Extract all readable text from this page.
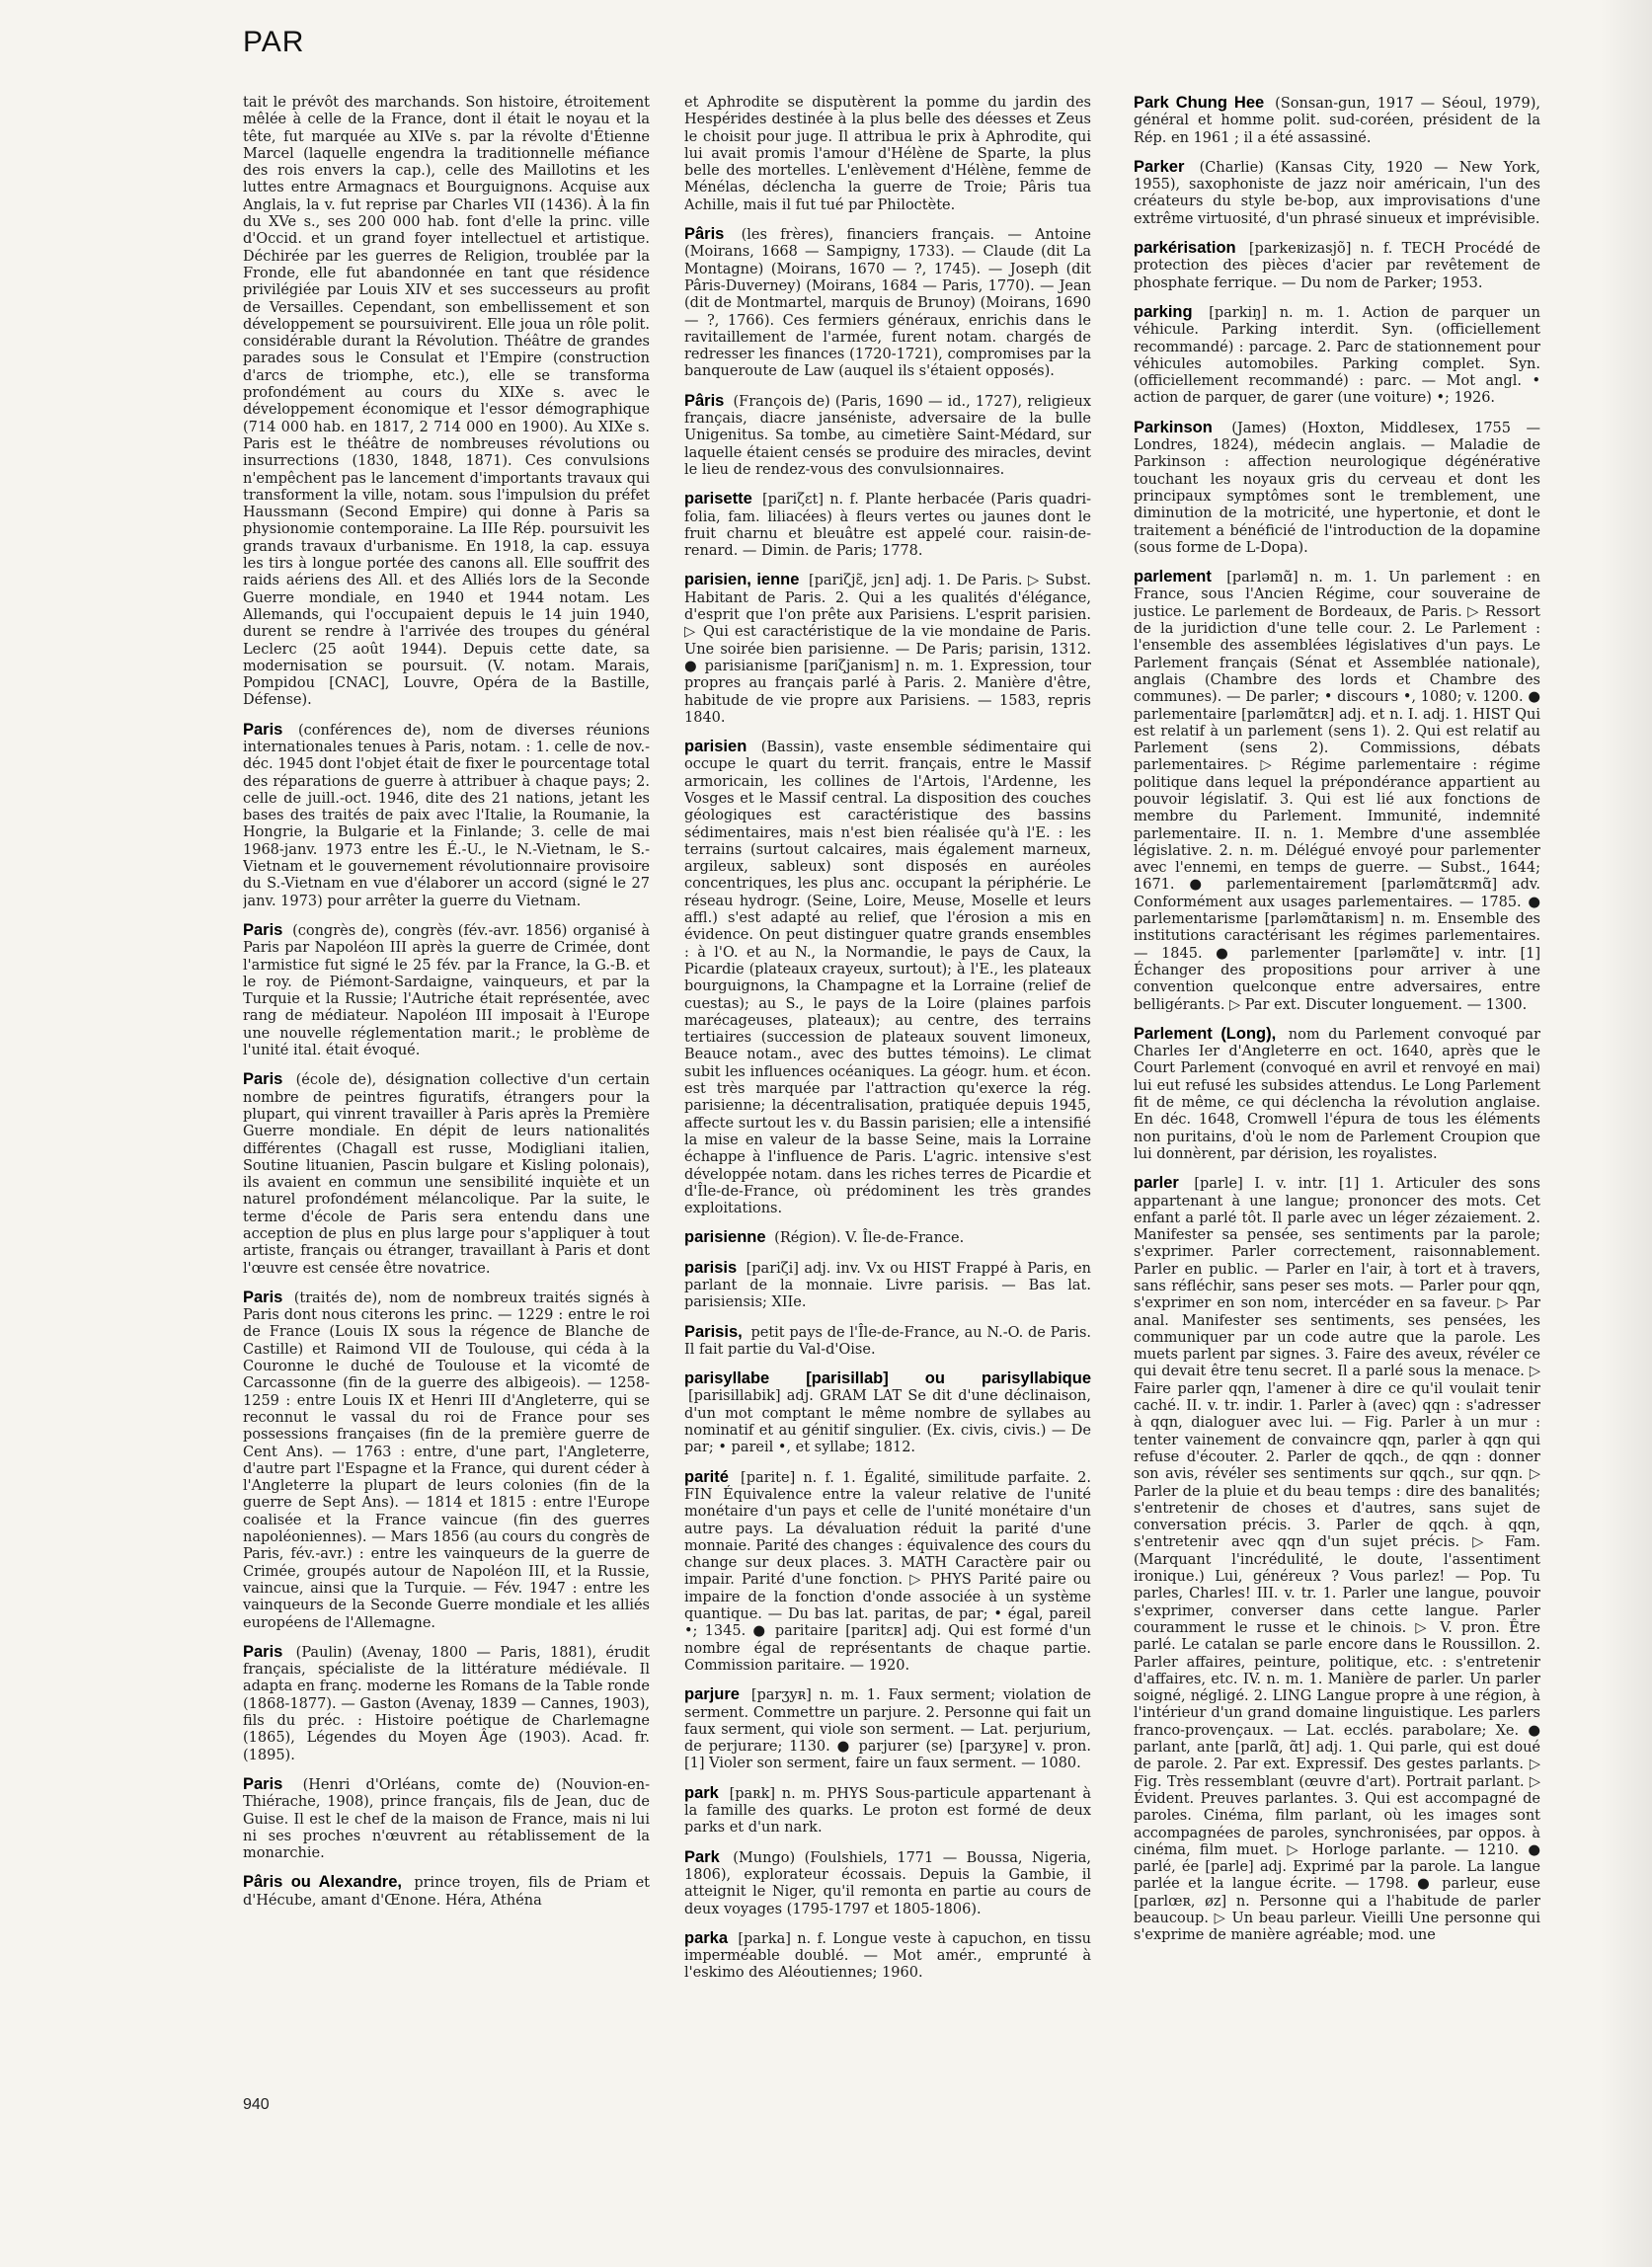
PAR

tait le prévôt des marchands. Son histoire, étroitement mêlée à celle de la France, dont il était le noyau et la tête, fut marquée au XIVe s. par la révolte d'Étienne Marcel (laquelle engendra la traditionnelle méfiance des rois envers la cap.), celle des Maillotins et les luttes entre Armagnacs et Bourguignons. Acquise aux Anglais, la v. fut reprise par Charles VII (1436). À la fin du XVe s., ses 200 000 hab. font d'elle la princ. ville d'Occid. et un grand foyer intellectuel et artistique. Déchirée par les guerres de Religion, troublée par la Fronde, elle fut abandonnée en tant que résidence privilégiée par Louis XIV et ses successeurs au profit de Versailles. Cependant, son embellissement et son développement se poursuivirent. Elle joua un rôle polit. considérable durant la Révolution. Théâtre de grandes parades sous le Consulat et l'Empire (construction d'arcs de triomphe, etc.), elle se transforma profondément au cours du XIXe s. avec le développement économique et l'essor démographique (714 000 hab. en 1817, 2 714 000 en 1900). Au XIXe s. Paris est le théâtre de nombreuses révolutions ou insurrections (1830, 1848, 1871). Ces convulsions n'empêchent pas le lancement d'importants travaux qui transforment la ville, notam. sous l'impulsion du préfet Haussmann (Second Empire) qui donne à Paris sa physionomie contemporaine. La IIIe Rép. poursuivit les grands travaux d'urbanisme. En 1918, la cap. essuya les tirs à longue portée des canons all. Elle souffrit des raids aériens des All. et des Alliés lors de la Seconde Guerre mondiale, en 1940 et 1944 notam. Les Allemands, qui l'occupaient depuis le 14 juin 1940, durent se rendre à l'arrivée des troupes du général Leclerc (25 août 1944). Depuis cette date, sa modernisation se poursuit. (V. notam. Marais, Pompidou [CNAC], Louvre, Opéra de la Bastille, Défense).

Paris (conférences de), nom de diverses réunions internationales tenues à Paris, notam. : 1. celle de nov.-déc. 1945 dont l'objet était de fixer le pourcentage total des réparations de guerre à attribuer à chaque pays; 2. celle de juill.-oct. 1946, dite des 21 nations, jetant les bases des traités de paix avec l'Italie, la Roumanie, la Hongrie, la Bulgarie et la Finlande; 3. celle de mai 1968-janv. 1973 entre les É.-U., le N.-Vietnam, le S.-Vietnam et le gouvernement révolutionnaire provisoire du S.-Vietnam en vue d'élaborer un accord (signé le 27 janv. 1973) pour arrêter la guerre du Vietnam.

Paris (congrès de), congrès (fév.-avr. 1856) organisé à Paris par Napoléon III après la guerre de Crimée, dont l'armistice fut signé le 25 fév. par la France, la G.-B. et le roy. de Piémont-Sardaigne, vainqueurs, et par la Turquie et la Russie; l'Autriche était représentée, avec rang de médiateur. Napoléon III imposait à l'Europe une nouvelle réglementation marit.; le problème de l'unité ital. était évoqué.

Paris (école de), désignation collective d'un certain nombre de peintres figuratifs, étrangers pour la plupart, qui vinrent travailler à Paris après la Première Guerre mondiale. En dépit de leurs nationalités différentes (Chagall est russe, Modigliani italien, Soutine lituanien, Pascin bulgare et Kisling polonais), ils avaient en commun une sensibilité inquiète et un naturel profondément mélancolique. Par la suite, le terme d'école de Paris sera entendu dans une acception de plus en plus large pour s'appliquer à tout artiste, français ou étranger, travaillant à Paris et dont l'œuvre est censée être novatrice.

Paris (traités de), nom de nombreux traités signés à Paris dont nous citerons les princ. — 1229 : entre le roi de France (Louis IX sous la régence de Blanche de Castille) et Raimond VII de Toulouse, qui céda à la Couronne le duché de Toulouse et la vicomté de Carcassonne (fin de la guerre des albigeois). — 1258-1259 : entre Louis IX et Henri III d'Angleterre, qui se reconnut le vassal du roi de France pour ses possessions françaises (fin de la première guerre de Cent Ans). — 1763 : entre, d'une part, l'Angleterre, d'autre part l'Espagne et la France, qui durent céder à l'Angleterre la plupart de leurs colonies (fin de la guerre de Sept Ans). — 1814 et 1815 : entre l'Europe coalisée et la France vaincue (fin des guerres napoléoniennes). — Mars 1856 (au cours du congrès de Paris, fév.-avr.) : entre les vainqueurs de la guerre de Crimée, groupés autour de Napoléon III, et la Russie, vaincue, ainsi que la Turquie. — Fév. 1947 : entre les vainqueurs de la Seconde Guerre mondiale et les alliés européens de l'Allemagne.

Paris (Paulin) (Avenay, 1800 — Paris, 1881), érudit français, spécialiste de la littérature médiévale. Il adapta en franç. moderne les Romans de la Table ronde (1868-1877). — Gaston (Avenay, 1839 — Cannes, 1903), fils du préc. : Histoire poétique de Charlemagne (1865), Légendes du Moyen Âge (1903). Acad. fr. (1895).

Paris (Henri d'Orléans, comte de) (Nouvion-en-Thiérache, 1908), prince français, fils de Jean, duc de Guise. Il est le chef de la maison de France, mais ni lui ni ses proches n'œuvrent au rétablissement de la monarchie.

Pâris ou Alexandre, prince troyen, fils de Priam et d'Hécube, amant d'Œnone. Héra, Athéna

et Aphrodite se disputèrent la pomme du jardin des Hespérides destinée à la plus belle des déesses et Zeus le choisit pour juge. Il attribua le prix à Aphrodite, qui lui avait promis l'amour d'Hélène de Sparte, la plus belle des mortelles. L'enlèvement d'Hélène, femme de Ménélas, déclencha la guerre de Troie; Pâris tua Achille, mais il fut tué par Philoctète.

Pâris (les frères), financiers français. — Antoine (Moirans, 1668 — Sampigny, 1733). — Claude (dit La Montagne) (Moirans, 1670 — ?, 1745). — Joseph (dit Pâris-Duverney) (Moirans, 1684 — Paris, 1770). — Jean (dit de Montmartel, marquis de Brunoy) (Moirans, 1690 — ?, 1766). Ces fermiers généraux, enrichis dans le ravitaillement de l'armée, furent notam. chargés de redresser les finances (1720-1721), compromises par la banqueroute de Law (auquel ils s'étaient opposés).

Pâris (François de) (Paris, 1690 — id., 1727), religieux français, diacre janséniste, adversaire de la bulle Unigenitus. Sa tombe, au cimetière Saint-Médard, sur laquelle étaient censés se produire des miracles, devint le lieu de rendez-vous des convulsionnaires.

parisette [pariζɛt] n. f. Plante herbacée (Paris quadri-folia, fam. liliacées) à fleurs vertes ou jaunes dont le fruit charnu et bleuâtre est appelé cour. raisin-de-renard. — Dimin. de Paris; 1778.

parisien, ienne [pariζjɛ̃, jɛn] adj. 1. De Paris. ▷ Subst. Habitant de Paris. 2. Qui a les qualités d'élégance, d'esprit que l'on prête aux Parisiens. L'esprit parisien. ▷ Qui est caractéristique de la vie mondaine de Paris. Une soirée bien parisienne. — De Paris; parisin, 1312. ● parisianisme [pariζjanism] n. m. 1. Expression, tour propres au français parlé à Paris. 2. Manière d'être, habitude de vie propre aux Parisiens. — 1583, repris 1840.

parisien (Bassin), vaste ensemble sédimentaire qui occupe le quart du territ. français, entre le Massif armoricain, les collines de l'Artois, l'Ardenne, les Vosges et le Massif central. La disposition des couches géologiques est caractéristique des bassins sédimentaires, mais n'est bien réalisée qu'à l'E. : les terrains (surtout calcaires, mais également marneux, argileux, sableux) sont disposés en auréoles concentriques, les plus anc. occupant la périphérie. Le réseau hydrogr. (Seine, Loire, Meuse, Moselle et leurs affl.) s'est adapté au relief, que l'érosion a mis en évidence. On peut distinguer quatre grands ensembles : à l'O. et au N., la Normandie, le pays de Caux, la Picardie (plateaux crayeux, surtout); à l'E., les plateaux bourguignons, la Champagne et la Lorraine (relief de cuestas); au S., le pays de la Loire (plaines parfois marécageuses, plateaux); au centre, des terrains tertiaires (succession de plateaux souvent limoneux, Beauce notam., avec des buttes témoins). Le climat subit les influences océaniques. La géogr. hum. et écon. est très marquée par l'attraction qu'exerce la rég. parisienne; la décentralisation, pratiquée depuis 1945, affecte surtout les v. du Bassin parisien; elle a intensifié la mise en valeur de la basse Seine, mais la Lorraine échappe à l'influence de Paris. L'agric. intensive s'est développée notam. dans les riches terres de Picardie et d'Île-de-France, où prédominent les très grandes exploitations.

parisienne (Région). V. Île-de-France.

parisis [pariζi] adj. inv. Vx ou HIST Frappé à Paris, en parlant de la monnaie. Livre parisis. — Bas lat. parisiensis; XIIe.

Parisis, petit pays de l'Île-de-France, au N.-O. de Paris. Il fait partie du Val-d'Oise.

parisyllabe [parisillab] ou parisyllabique [parisillabik] adj. GRAM LAT Se dit d'une déclinaison, d'un mot comptant le même nombre de syllabes au nominatif et au génitif singulier. (Ex. civis, civis.) — De par; • pareil •, et syllabe; 1812.

parité [parite] n. f. 1. Égalité, similitude parfaite. 2. FIN Équivalence entre la valeur relative de l'unité monétaire d'un pays et celle de l'unité monétaire d'un autre pays. La dévaluation réduit la parité d'une monnaie. Parité des changes : équivalence des cours du change sur deux places. 3. MATH Caractère pair ou impair. Parité d'une fonction. ▷ PHYS Parité paire ou impaire de la fonction d'onde associée à un système quantique. — Du bas lat. paritas, de par; • égal, pareil •; 1345. ● paritaire [paritɛʀ] adj. Qui est formé d'un nombre égal de représentants de chaque partie. Commission paritaire. — 1920.

parjure [parʒyʀ] n. m. 1. Faux serment; violation de serment. Commettre un parjure. 2. Personne qui fait un faux serment, qui viole son serment. — Lat. perjurium, de perjurare; 1130. ● parjurer (se) [parʒyʀe] v. pron. [1] Violer son serment, faire un faux serment. — 1080.

park [paʀk] n. m. PHYS Sous-particule appartenant à la famille des quarks. Le proton est formé de deux parks et d'un nark.

Park (Mungo) (Foulshiels, 1771 — Boussa, Nigeria, 1806), explorateur écossais. Depuis la Gambie, il atteignit le Niger, qu'il remonta en partie au cours de deux voyages (1795-1797 et 1805-1806).

parka [parka] n. f. Longue veste à capuchon, en tissu imperméable doublé. — Mot amér., emprunté à l'eskimo des Aléoutiennes; 1960.

Park Chung Hee (Sonsan-gun, 1917 — Séoul, 1979), général et homme polit. sud-coréen, président de la Rép. en 1961 ; il a été assassiné.

Parker (Charlie) (Kansas City, 1920 — New York, 1955), saxophoniste de jazz noir américain, l'un des créateurs du style be-bop, aux improvisations d'une extrême virtuosité, d'un phrasé sinueux et imprévisible.

parkérisation [parkeʀizasjõ] n. f. TECH Procédé de protection des pièces d'acier par revêtement de phosphate ferrique. — Du nom de Parker; 1953.

parking [parkiŋ] n. m. 1. Action de parquer un véhicule. Parking interdit. Syn. (officiellement recommandé) : parcage. 2. Parc de stationnement pour véhicules automobiles. Parking complet. Syn. (officiellement recommandé) : parc. — Mot angl. • action de parquer, de garer (une voiture) •; 1926.

Parkinson (James) (Hoxton, Middlesex, 1755 — Londres, 1824), médecin anglais. — Maladie de Parkinson : affection neurologique dégénérative touchant les noyaux gris du cerveau et dont les principaux symptômes sont le tremblement, une diminution de la motricité, une hypertonie, et dont le traitement a bénéficié de l'introduction de la dopamine (sous forme de L-Dopa).

parlement [parləmɑ̃] n. m. 1. Un parlement : en France, sous l'Ancien Régime, cour souveraine de justice. Le parlement de Bordeaux, de Paris. ▷ Ressort de la juridiction d'une telle cour. 2. Le Parlement : l'ensemble des assemblées législatives d'un pays. Le Parlement français (Sénat et Assemblée nationale), anglais (Chambre des lords et Chambre des communes). — De parler; • discours •, 1080; v. 1200. ● parlementaire [parləmɑ̃tɛʀ] adj. et n. I. adj. 1. HIST Qui est relatif à un parlement (sens 1). 2. Qui est relatif au Parlement (sens 2). Commissions, débats parlementaires. ▷ Régime parlementaire : régime politique dans lequel la prépondérance appartient au pouvoir législatif. 3. Qui est lié aux fonctions de membre du Parlement. Immunité, indemnité parlementaire. II. n. 1. Membre d'une assemblée législative. 2. n. m. Délégué envoyé pour parlementer avec l'ennemi, en temps de guerre. — Subst., 1644; 1671. ● parlementairement [parləmɑ̃tɛʀmɑ̃] adv. Conformément aux usages parlementaires. — 1785. ● parlementarisme [parləmɑ̃taʀism] n. m. Ensemble des institutions caractérisant les régimes parlementaires. — 1845. ● parlementer [parləmɑ̃te] v. intr. [1] Échanger des propositions pour arriver à une convention quelconque entre adversaires, entre belligérants. ▷ Par ext. Discuter longuement. — 1300.

Parlement (Long), nom du Parlement convoqué par Charles Ier d'Angleterre en oct. 1640, après que le Court Parlement (convoqué en avril et renvoyé en mai) lui eut refusé les subsides attendus. Le Long Parlement fit de même, ce qui déclencha la révolution anglaise. En déc. 1648, Cromwell l'épura de tous les éléments non puritains, d'où le nom de Parlement Croupion que lui donnèrent, par dérision, les royalistes.

parler [parle] I. v. intr. [1] 1. Articuler des sons appartenant à une langue; prononcer des mots. Cet enfant a parlé tôt. Il parle avec un léger zézaiement. 2. Manifester sa pensée, ses sentiments par la parole; s'exprimer. Parler correctement, raisonnablement. Parler en public. — Parler en l'air, à tort et à travers, sans réfléchir, sans peser ses mots. — Parler pour qqn, s'exprimer en son nom, intercéder en sa faveur. ▷ Par anal. Manifester ses sentiments, ses pensées, les communiquer par un code autre que la parole. Les muets parlent par signes. 3. Faire des aveux, révéler ce qui devait être tenu secret. Il a parlé sous la menace. ▷ Faire parler qqn, l'amener à dire ce qu'il voulait tenir caché. II. v. tr. indir. 1. Parler à (avec) qqn : s'adresser à qqn, dialoguer avec lui. — Fig. Parler à un mur : tenter vainement de convaincre qqn, parler à qqn qui refuse d'écouter. 2. Parler de qqch., de qqn : donner son avis, révéler ses sentiments sur qqch., sur qqn. ▷ Parler de la pluie et du beau temps : dire des banalités; s'entretenir de choses et d'autres, sans sujet de conversation précis. 3. Parler de qqch. à qqn, s'entretenir avec qqn d'un sujet précis. ▷ Fam. (Marquant l'incrédulité, le doute, l'assentiment ironique.) Lui, généreux ? Vous parlez! — Pop. Tu parles, Charles! III. v. tr. 1. Parler une langue, pouvoir s'exprimer, converser dans cette langue. Parler couramment le russe et le chinois. ▷ V. pron. Être parlé. Le catalan se parle encore dans le Roussillon. 2. Parler affaires, peinture, politique, etc. : s'entretenir d'affaires, etc. IV. n. m. 1. Manière de parler. Un parler soigné, négligé. 2. LING Langue propre à une région, à l'intérieur d'un grand domaine linguistique. Les parlers franco-provençaux. — Lat. ecclés. parabolare; Xe. ● parlant, ante [parlɑ̃, ɑ̃t] adj. 1. Qui parle, qui est doué de parole. 2. Par ext. Expressif. Des gestes parlants. ▷ Fig. Très ressemblant (œuvre d'art). Portrait parlant. ▷ Évident. Preuves parlantes. 3. Qui est accompagné de paroles. Cinéma, film parlant, où les images sont accompagnées de paroles, synchronisées, par oppos. à cinéma, film muet. ▷ Horloge parlante. — 1210. ● parlé, ée [parle] adj. Exprimé par la parole. La langue parlée et la langue écrite. — 1798. ● parleur, euse [parlœʀ, øz] n. Personne qui a l'habitude de parler beaucoup. ▷ Un beau parleur. Vieilli Une personne qui s'exprime de manière agréable; mod. une

940
